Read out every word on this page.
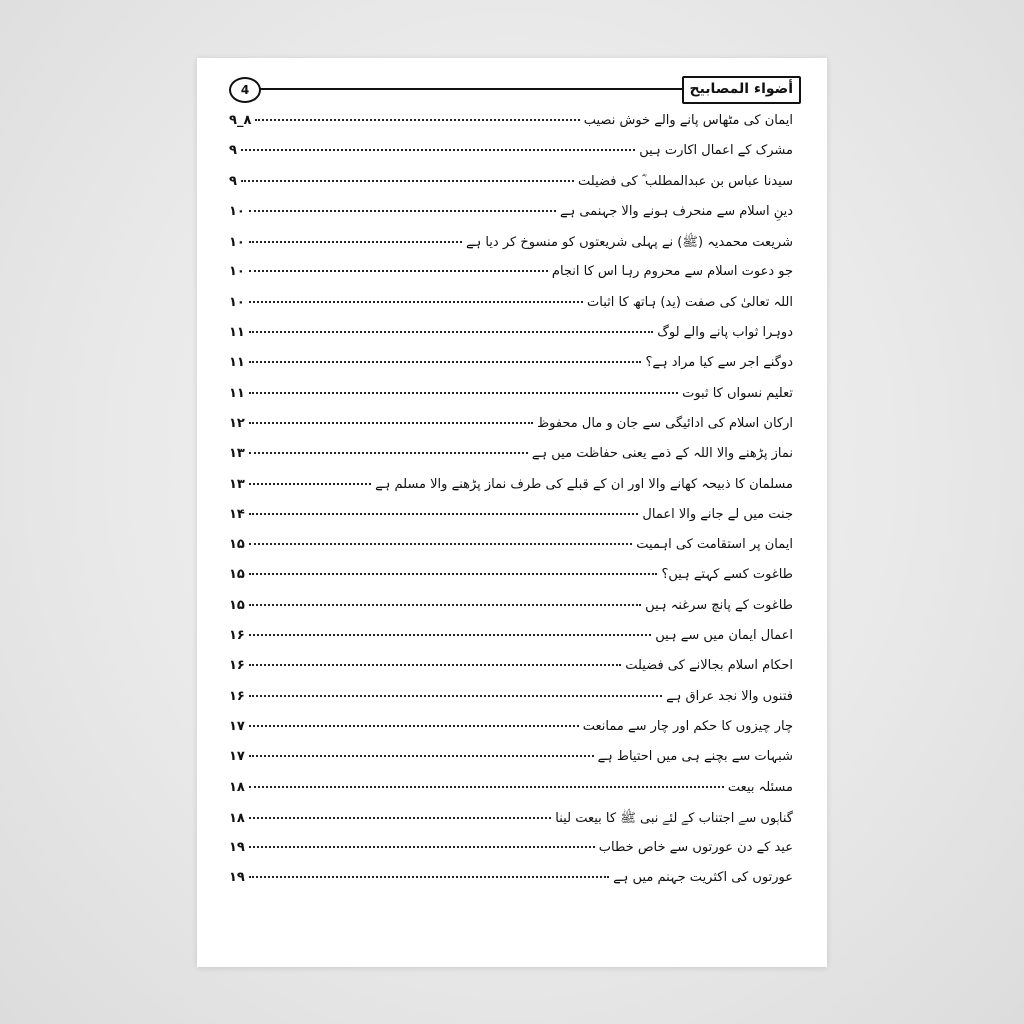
4	أضواء المصابيح
ایمان کی مٹھاس پانے والے خوش نصیب
۸_۹
مشرک کے اعمال اکارت ہیں
۹
سیدنا عباس بن عبدالمطلب ؓ کی فضیلت
۹
دینِ اسلام سے منحرف ہونے والا جہنمی ہے
۱۰
شریعت محمدیہ (ﷺ) نے پہلی شریعتوں کو منسوخ کر دیا ہے
۱۰
جو دعوت اسلام سے محروم رہا اس کا انجام
۱۰
اللہ تعالیٰ کی صفت (ید) ہاتھ کا اثبات
۱۰
دوہرا ثواب پانے والے لوگ
۱۱
دوگنے اجر سے کیا مراد ہے؟
۱۱
تعلیم نسواں کا ثبوت
۱۱
ارکان اسلام کی ادائیگی سے جان و مال محفوظ
۱۲
نماز پڑھنے والا اللہ کے ذمے یعنی حفاظت میں ہے
۱۳
مسلمان کا ذبیحہ کھانے والا اور ان کے قبلے کی طرف نماز پڑھنے والا مسلم ہے
۱۳
جنت میں لے جانے والا اعمال
۱۴
ایمان پر استقامت کی اہمیت
۱۵
طاغوت کسے کہتے ہیں؟
۱۵
طاغوت کے پانچ سرغنہ ہیں
۱۵
اعمال ایمان میں سے ہیں
۱۶
احکام اسلام بجالانے کی فضیلت
۱۶
فتنوں والا نجد عراق ہے
۱۶
چار چیزوں کا حکم اور چار سے ممانعت
۱۷
شبہات سے بچنے ہی میں احتیاط ہے
۱۷
مسئلہ بیعت
۱۸
گناہوں سے اجتناب کے لئے نبی ﷺ کا بیعت لینا
۱۸
عید کے دن عورتوں سے خاص خطاب
۱۹
عورتوں کی اکثریت جہنم میں ہے
۱۹
